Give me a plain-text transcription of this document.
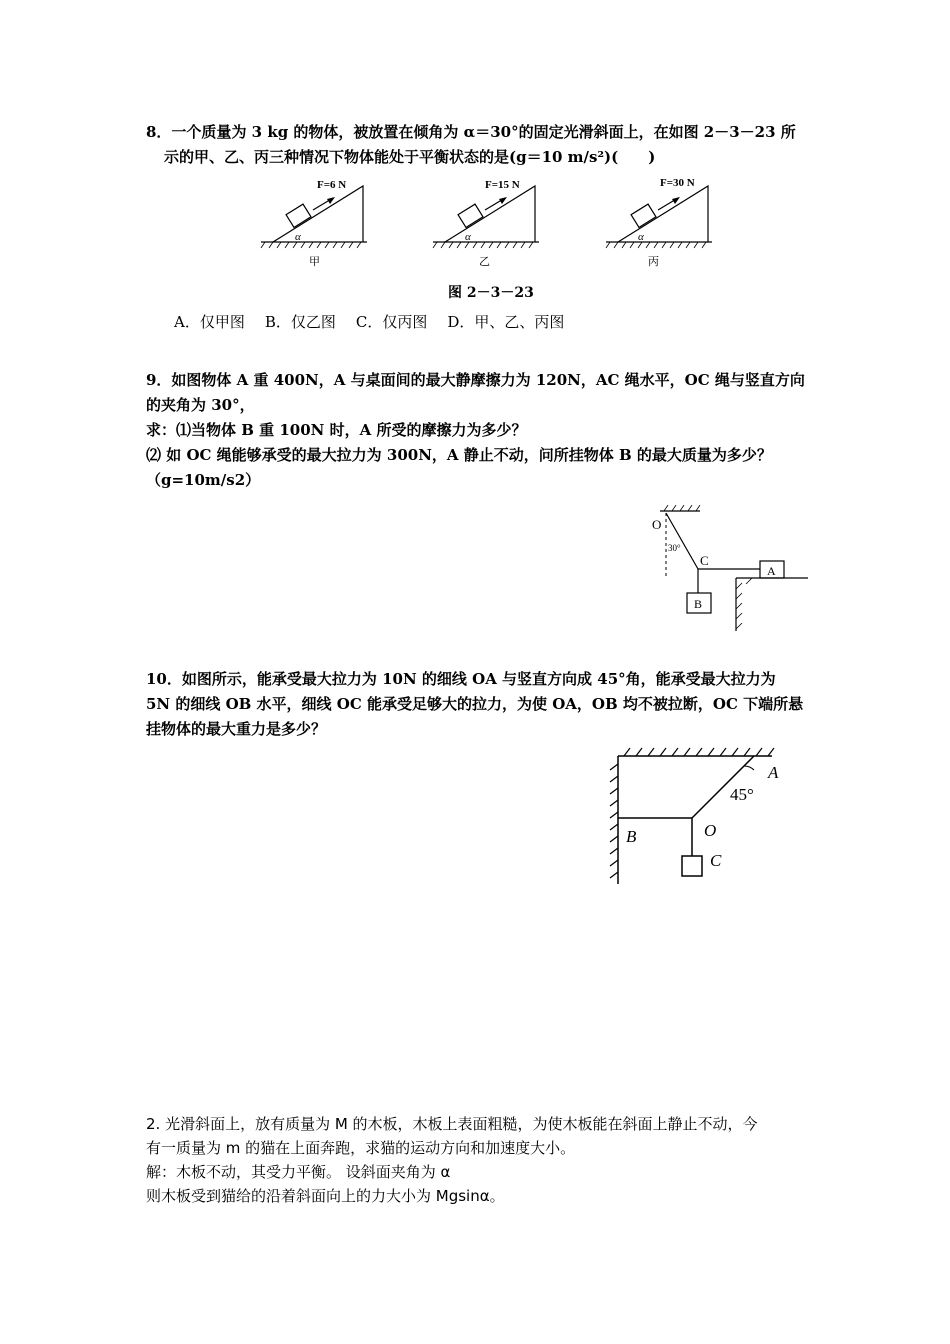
8．一个质量为 3 kg 的物体，被放置在倾角为 α＝30°的固定光滑斜面上，在如图 2－3－23 所
示的甲、乙、丙三种情况下物体能处于平衡状态的是(g＝10 m/s²)(　　)
F=6 N
α
甲
F=15 N
α
乙
F=30 N
α
丙
图 2－3－23
A．仅甲图 B．仅乙图 C．仅丙图 D．甲、乙、丙图
9．如图物体 A 重 400N，A 与桌面间的最大静摩擦力为 120N，AC 绳水平，OC 绳与竖直方向
的夹角为 30°，
求：⑴当物体 B 重 100N 时，A 所受的摩擦力为多少？
⑵ 如 OC 绳能够承受的最大拉力为 300N，A 静止不动，问所挂物体 B 的最大质量为多少？
（g=10m/s2）
O
30°
C
A
B
10．如图所示，能承受最大拉力为 10N 的细线 OA 与竖直方向成 45°角，能承受最大拉力为
5N 的细线 OB 水平，细线 OC 能承受足够大的拉力，为使 OA，OB 均不被拉断，OC 下端所悬
挂物体的最大重力是多少？
A
45°
B	O
C
2. 光滑斜面上，放有质量为 M 的木板，木板上表面粗糙，为使木板能在斜面上静止不动，今
有一质量为 m 的猫在上面奔跑，求猫的运动方向和加速度大小。
解：木板不动，其受力平衡。 设斜面夹角为 α
则木板受到猫给的沿着斜面向上的力大小为 Mgsinα。
